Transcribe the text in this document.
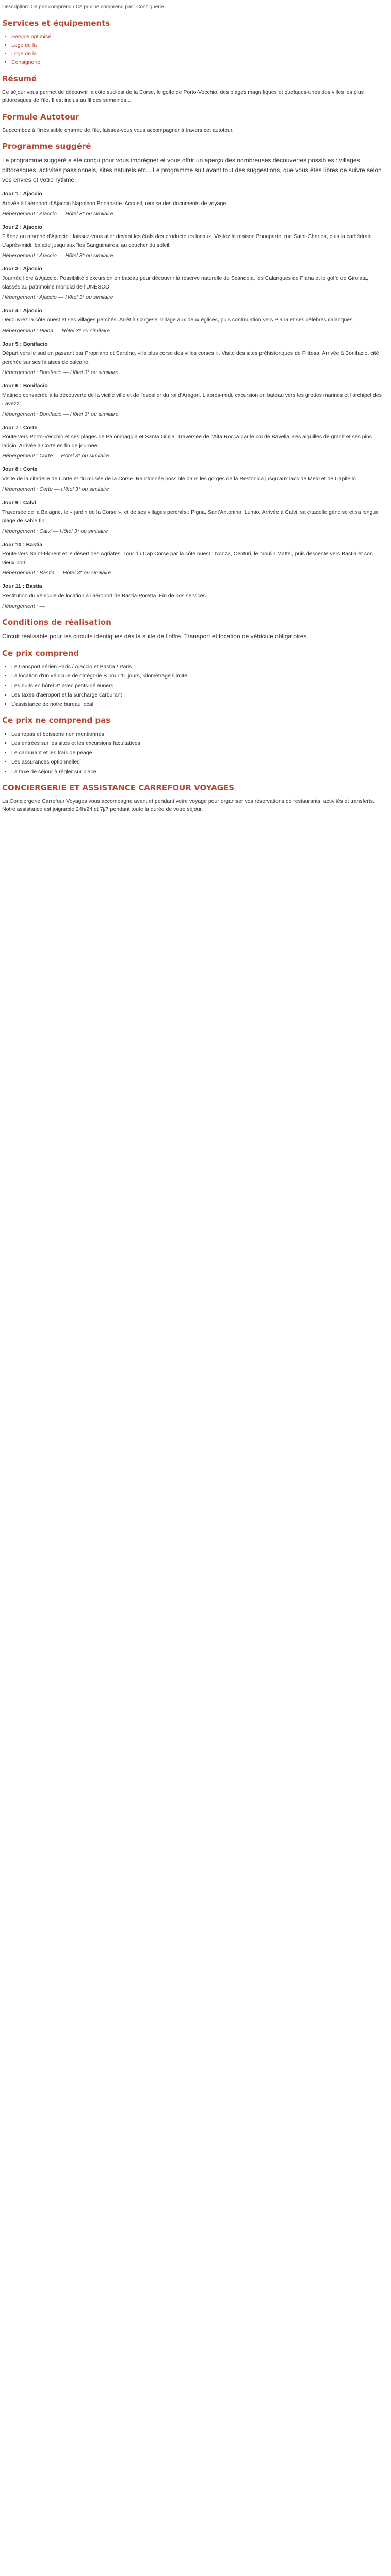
Description: Ce prix comprend / Ce prix ne comprend pas: Consignerie
Services et équipements
• Service optimisé
• Logo de la
• Loge de la
• Consignerie
Résumé

Ce séjour vous permet de découvrir la côte sud-est de la Corse, le golfe de Porto-Vecchio, des plages magnifiques et quelques-unes des villes les plus pittoresques de l'île. Il est inclus au fil des semaines...

Formule Autotour

Succombez à l'irrésistible charme de l'île, laissez-vous vous accompagner à travers cet autotour.

Programme suggéré

Le programme suggéré a été conçu pour vous imprégner et vous offrir un aperçu des nombreuses découvertes possibles : villages pittoresques, activités passionnels, sites naturels etc... Le programme suit avant tout des suggestions, que vous êtes libres de suivre selon vos envies et votre rythme.

Jour 1 : Ajaccio

Arrivée à l'aéroport d'Ajaccio Napoléon Bonaparte. Accueil, remise des documents de voyage.

Hébergement : Ajaccio — Hôtel 3* ou similaire

Jour 2 : Ajaccio

Flânez au marché d'Ajaccio : laissez-vous aller devant les étals des producteurs locaux. Visitez la maison Bonaparte, rue Saint-Charles, puis la cathédrale. L'après-midi, balade jusqu'aux îles Sanguinaires, au coucher du soleil.

Hébergement : Ajaccio — Hôtel 3* ou similaire

Jour 3 : Ajaccio

Journée libre à Ajaccio. Possibilité d'excursion en bateau pour découvrir la réserve naturelle de Scandola, les Calanques de Piana et le golfe de Girolata, classés au patrimoine mondial de l'UNESCO.

Hébergement : Ajaccio — Hôtel 3* ou similaire

Jour 4 : Ajaccio

Découvrez la côte ouest et ses villages perchés. Arrêt à Cargèse, village aux deux églises, puis continuation vers Piana et ses célèbres calanques.

Hébergement : Piana — Hôtel 3* ou similaire

Jour 5 : Bonifacio

Départ vers le sud en passant par Propriano et Sartène, « la plus corse des villes corses ». Visite des sites préhistoriques de Filitosa. Arrivée à Bonifacio, cité perchée sur ses falaises de calcaire.

Hébergement : Bonifacio — Hôtel 3* ou similaire

Jour 6 : Bonifacio

Matinée consacrée à la découverte de la vieille ville et de l'escalier du roi d'Aragon. L'après-midi, excursion en bateau vers les grottes marines et l'archipel des Lavezzi.

Hébergement : Bonifacio — Hôtel 3* ou similaire

Jour 7 : Corte

Route vers Porto-Vecchio et ses plages de Palombaggia et Santa Giulia. Traversée de l'Alta Rocca par le col de Bavella, ses aiguilles de granit et ses pins laricio. Arrivée à Corte en fin de journée.

Hébergement : Corte — Hôtel 3* ou similaire

Jour 8 : Corte

Visite de la citadelle de Corte et du musée de la Corse. Randonnée possible dans les gorges de la Restonica jusqu'aux lacs de Melo et de Capitello.

Hébergement : Corte — Hôtel 3* ou similaire

Jour 9 : Calvi

Traversée de la Balagne, le « jardin de la Corse », et de ses villages perchés : Pigna, Sant'Antonino, Lumio. Arrivée à Calvi, sa citadelle génoise et sa longue plage de sable fin.

Hébergement : Calvi — Hôtel 3* ou similaire

Jour 10 : Bastia

Route vers Saint-Florent et le désert des Agriates. Tour du Cap Corse par la côte ouest : Nonza, Centuri, le moulin Mattei, puis descente vers Bastia et son vieux port.

Hébergement : Bastia — Hôtel 3* ou similaire

Jour 11 : Bastia

Restitution du véhicule de location à l'aéroport de Bastia-Poretta. Fin de nos services.

Hébergement : —

Conditions de réalisation

Circuit réalisable pour les circuits identiques dès la suite de l'offre. Transport et location de véhicule obligatoires.

Ce prix comprend
• Le transport aérien Paris / Ajaccio et Bastia / Paris
• La location d'un véhicule de catégorie B pour 11 jours, kilométrage illimité
• Les nuits en hôtel 3* avec petits-déjeuners
• Les taxes d'aéroport et la surcharge carburant
• L'assistance de notre bureau local
Ce prix ne comprend pas
• Les repas et boissons non mentionnés
• Les entrées sur les sites et les excursions facultatives
• Le carburant et les frais de péage
• Les assurances optionnelles
• La taxe de séjour à régler sur place
CONCIERGERIE ET ASSISTANCE CARREFOUR VOYAGES

La Conciergerie Carrefour Voyages vous accompagne avant et pendant votre voyage pour organiser vos réservations de restaurants, activités et transferts. Notre assistance est joignable 24h/24 et 7j/7 pendant toute la durée de votre séjour.
